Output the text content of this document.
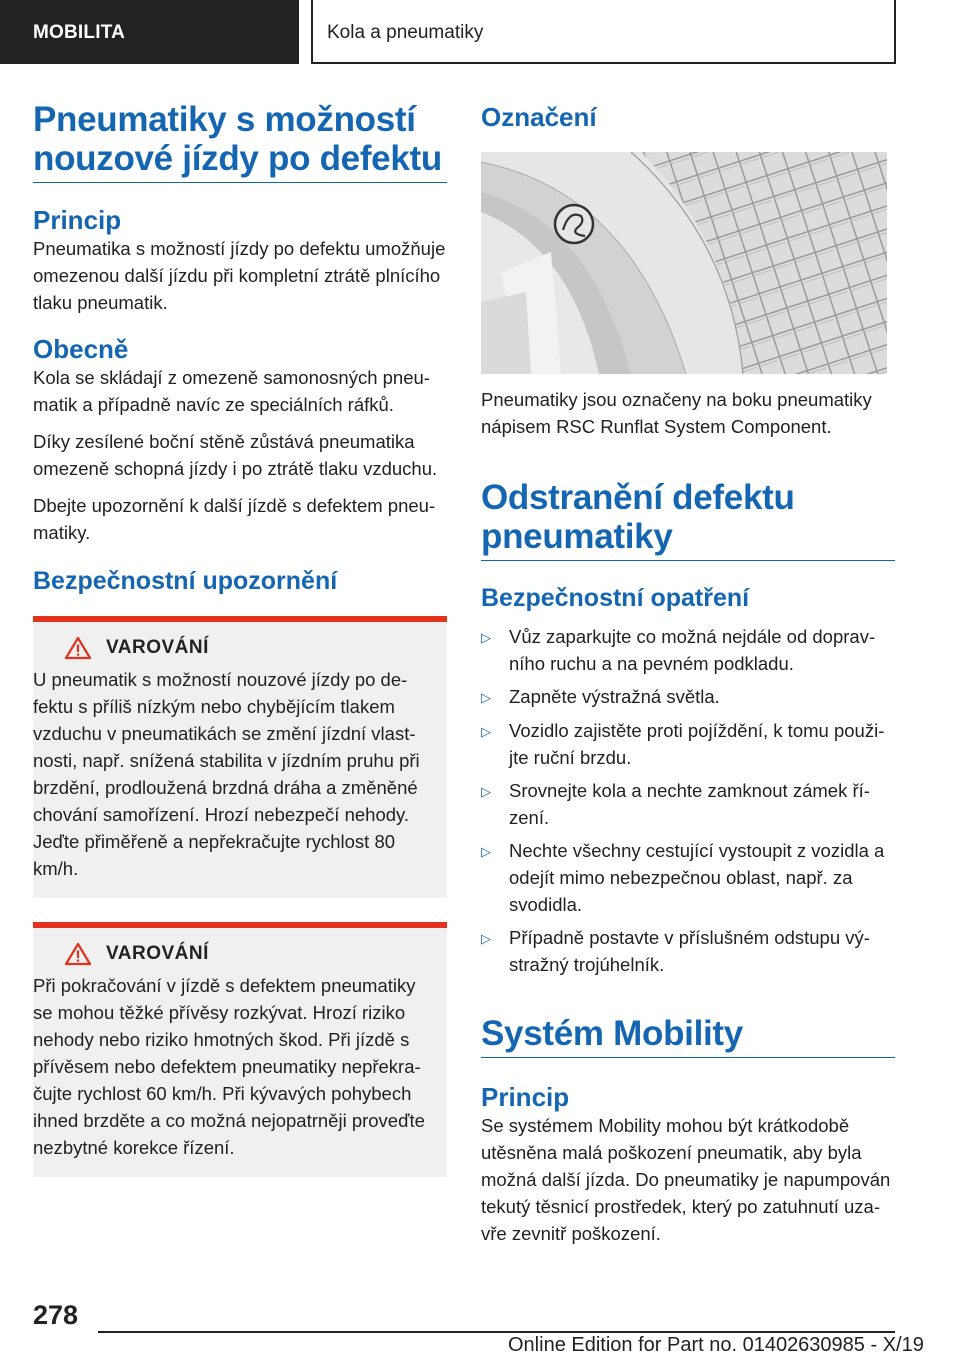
MOBILITA	Kola a pneumatiky
Pneumatiky s možností nouzové jízdy po defektu
Princip

Pneumatika s možností jízdy po defektu umožňuje omezenou další jízdu při kompletní ztrátě plnícího tlaku pneumatik.

Obecně

Kola se skládají z omezeně samonosných pneumatik a případně navíc ze speciálních ráfků.

Díky zesílené boční stěně zůstává pneumatika omezeně schopná jízdy i po ztrátě tlaku vzduchu.

Dbejte upozornění k další jízdě s defektem pneumatiky.

Bezpečnostní upozornění
VAROVÁNÍ

U pneumatik s možností nouzové jízdy po defektu s příliš nízkým nebo chybějícím tlakem vzduchu v pneumatikách se změní jízdní vlastnosti, např. snížená stabilita v jízdním pruhu při brzdění, prodloužená brzdná dráha a změněné chování samořízení. Hrozí nebezpečí nehody. Jeďte přiměřeně a nepřekračujte rychlost 80 km/h.

VAROVÁNÍ

Při pokračování v jízdě s defektem pneumatiky se mohou těžké přívěsy rozkývat. Hrozí riziko nehody nebo riziko hmotných škod. Při jízdě s přívěsem nebo defektem pneumatiky nepřekračujte rychlost 60 km/h. Při kývavých pohybech ihned brzděte a co možná nejopatrněji proveďte nezbytné korekce řízení.

Označení

Pneumatiky jsou označeny na boku pneumatiky nápisem RSC Runflat System Component.

Odstranění defektu pneumatiky
Bezpečnostní opatření
▷ Vůz zaparkujte co možná nejdále od dopravního ruchu a na pevném podkladu.
▷ Zapněte výstražná světla.
▷ Vozidlo zajistěte proti pojíždění, k tomu použijte ruční brzdu.
▷ Srovnejte kola a nechte zamknout zámek řízení.
▷ Nechte všechny cestující vystoupit z vozidla a odejít mimo nebezpečnou oblast, např. za svodidla.
▷ Případně postavte v příslušném odstupu výstražný trojúhelník.
Systém Mobility
Princip

Se systémem Mobility mohou být krátkodobě utěsněna malá poškození pneumatik, aby byla možná další jízda. Do pneumatiky je napumpován tekutý těsnicí prostředek, který po zatuhnutí uzavře zevnitř poškození.

278
Online Edition for Part no. 01402630985 - X/19
